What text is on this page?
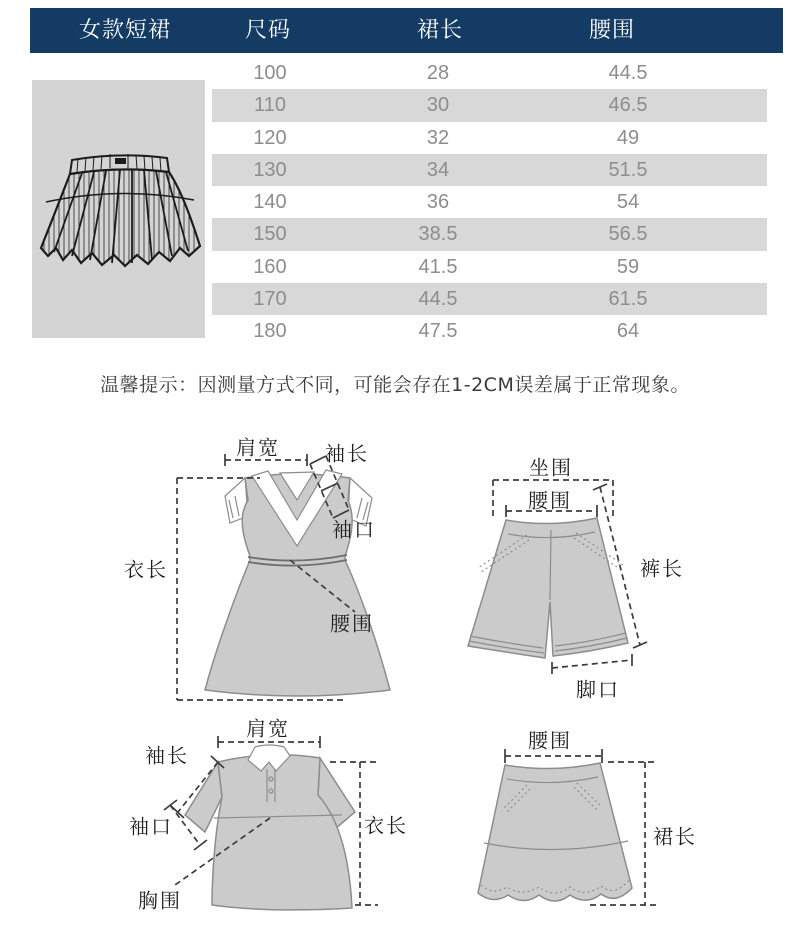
女款短裙	尺码	裙长	腰围
100	28	44.5
110	30	46.5
120	32	49
130	34	51.5
140	36	54
150	38.5	56.5
160	41.5	59
170	44.5	61.5
180	47.5	64
温馨提示：因测量方式不同，可能会存在1-2CM误差属于正常现象。
肩宽 袖长
袖口
衣长
腰围
坐围
腰围
裤长
脚口
肩宽
袖长
袖口	衣长
胸围
腰围
裙长
